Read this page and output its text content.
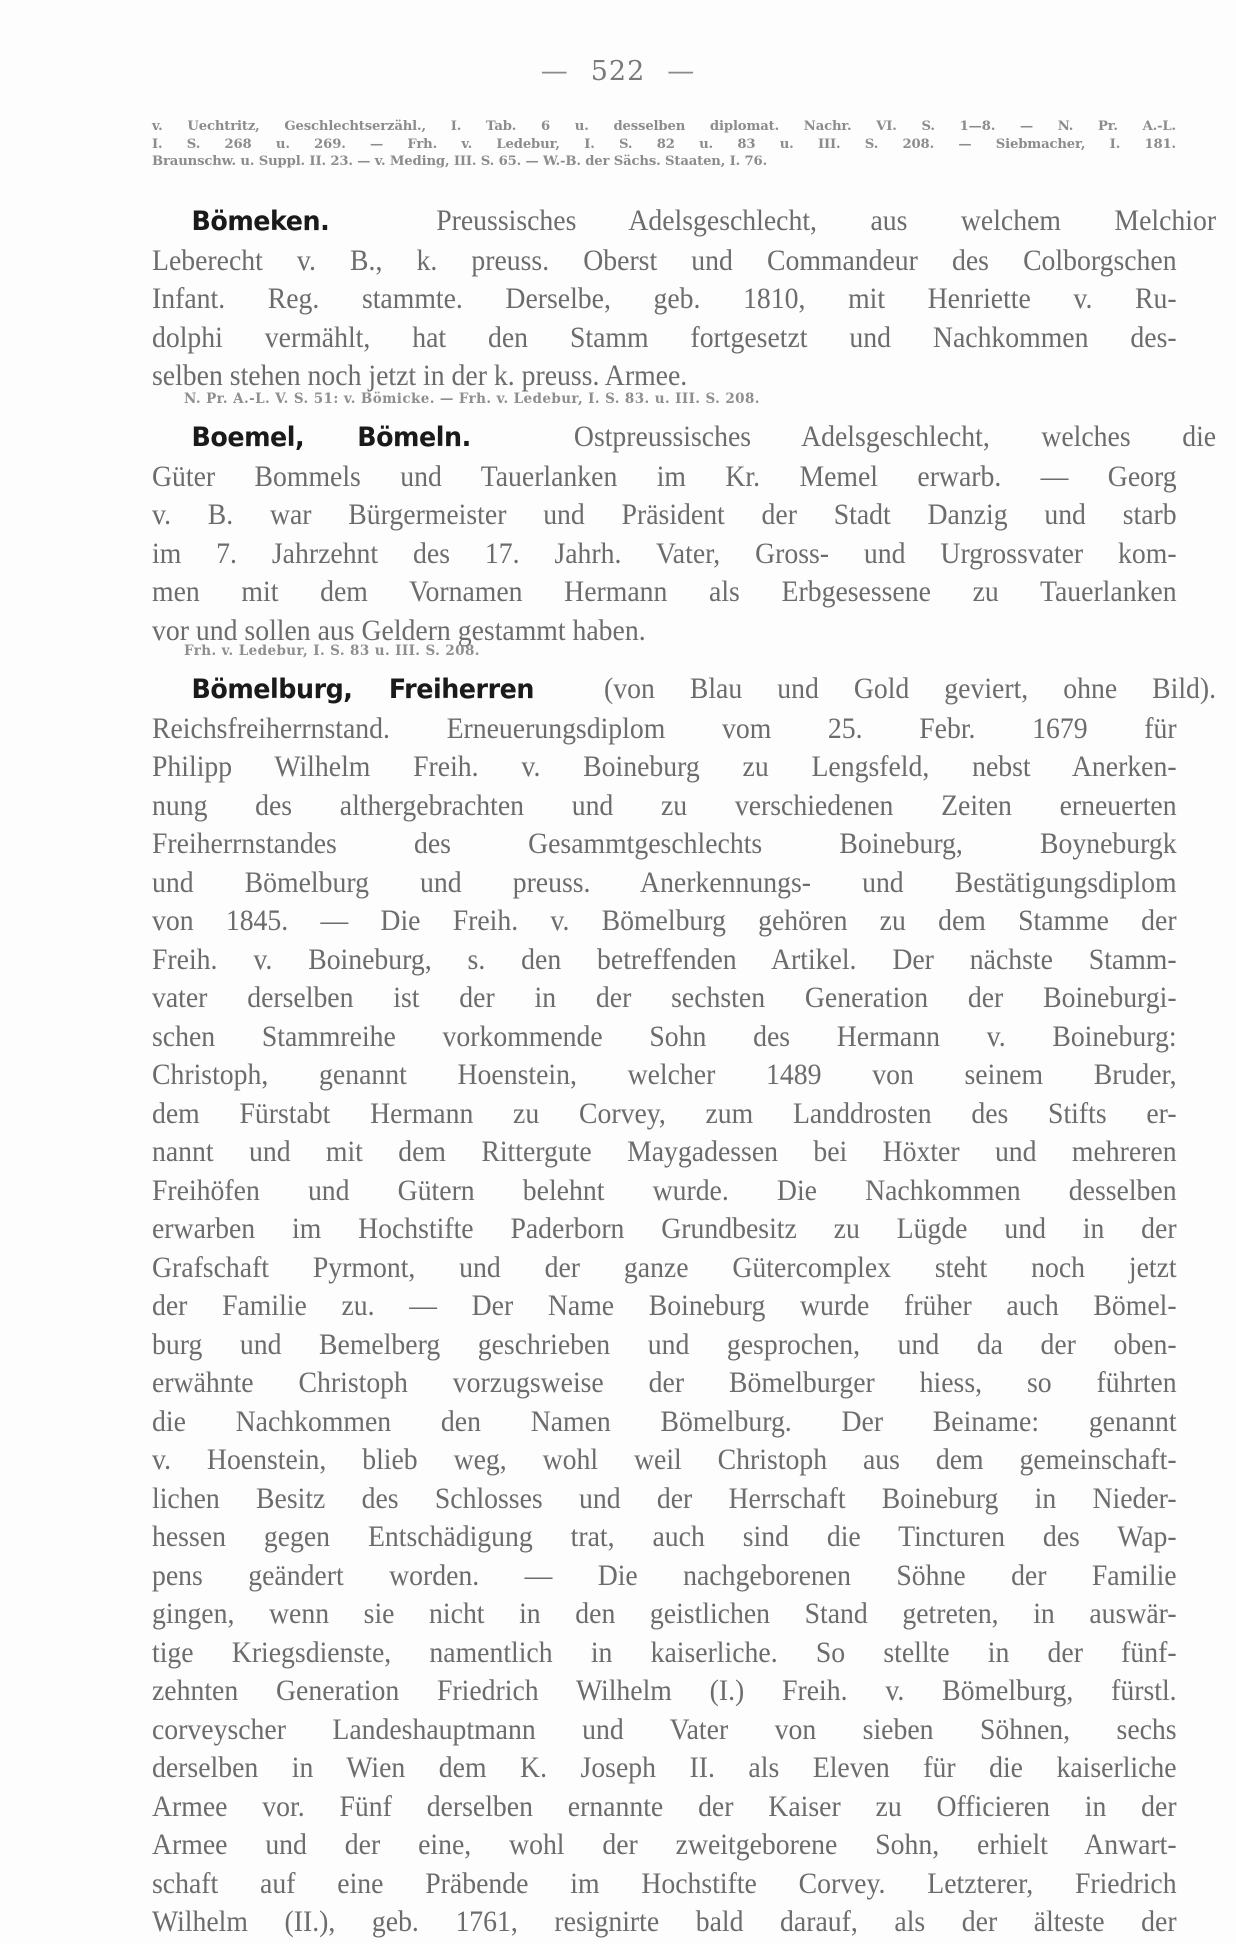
— 522 —
v. Uechtritz, Geschlechtserzähl., I. Tab. 6 u. desselben diplomat. Nachr. VI. S. 1—8. — N. Pr. A.-L.
I. S. 268 u. 269. — Frh. v. Ledebur, I. S. 82 u. 83 u. III. S. 208. — Siebmacher, I. 181.
Braunschw. u. Suppl. II. 23. — v. Meding, III. S. 65. — W.-B. der Sächs. Staaten, I. 76.
Bömeken.	Preussisches Adelsgeschlecht, aus welchem Melchior
Leberecht v. B., k. preuss. Oberst und Commandeur des Colborgschen
Infant. Reg. stammte. Derselbe, geb. 1810, mit Henriette v. Ru-
dolphi vermählt, hat den Stamm fortgesetzt und Nachkommen des-
selben stehen noch jetzt in der k. preuss. Armee.
N. Pr. A.-L. V. S. 51: v. Bömicke. — Frh. v. Ledebur, I. S. 83. u. III. S. 208.
Boemel, Bömeln.	Ostpreussisches Adelsgeschlecht, welches die
Güter Bommels und Tauerlanken im Kr. Memel erwarb. — Georg
v. B. war Bürgermeister und Präsident der Stadt Danzig und starb
im 7. Jahrzehnt des 17. Jahrh. Vater, Gross- und Urgrossvater kom-
men mit dem Vornamen Hermann als Erbgesessene zu Tauerlanken
vor und sollen aus Geldern gestammt haben.
Frh. v. Ledebur, I. S. 83 u. III. S. 208.
Bömelburg, Freiherren (von Blau und Gold geviert, ohne Bild).
Reichsfreiherrnstand. Erneuerungsdiplom vom 25. Febr. 1679 für
Philipp Wilhelm Freih. v. Boineburg zu Lengsfeld, nebst Anerken-
nung des althergebrachten und zu verschiedenen Zeiten erneuerten
Freiherrnstandes des Gesammtgeschlechts Boineburg, Boyneburgk
und Bömelburg und preuss. Anerkennungs- und Bestätigungsdiplom
von 1845. — Die Freih. v. Bömelburg gehören zu dem Stamme der
Freih. v. Boineburg, s. den betreffenden Artikel. Der nächste Stamm-
vater derselben ist der in der sechsten Generation der Boineburgi-
schen Stammreihe vorkommende Sohn des Hermann v. Boineburg:
Christoph, genannt Hoenstein, welcher 1489 von seinem Bruder,
dem Fürstabt Hermann zu Corvey, zum Landdrosten des Stifts er-
nannt und mit dem Rittergute Maygadessen bei Höxter und mehreren
Freihöfen und Gütern belehnt wurde. Die Nachkommen desselben
erwarben im Hochstifte Paderborn Grundbesitz zu Lügde und in der
Grafschaft Pyrmont, und der ganze Gütercomplex steht noch jetzt
der Familie zu. — Der Name Boineburg wurde früher auch Bömel-
burg und Bemelberg geschrieben und gesprochen, und da der oben-
erwähnte Christoph vorzugsweise der Bömelburger hiess, so führten
die Nachkommen den Namen Bömelburg. Der Beiname: genannt
v. Hoenstein, blieb weg, wohl weil Christoph aus dem gemeinschaft-
lichen Besitz des Schlosses und der Herrschaft Boineburg in Nieder-
hessen gegen Entschädigung trat, auch sind die Tincturen des Wap-
pens geändert worden. — Die nachgeborenen Söhne der Familie
gingen, wenn sie nicht in den geistlichen Stand getreten, in auswär-
tige Kriegsdienste, namentlich in kaiserliche. So stellte in der fünf-
zehnten Generation Friedrich Wilhelm (I.) Freih. v. Bömelburg, fürstl.
corveyscher Landeshauptmann und Vater von sieben Söhnen, sechs
derselben in Wien dem K. Joseph II. als Eleven für die kaiserliche
Armee vor. Fünf derselben ernannte der Kaiser zu Officieren in der
Armee und der eine, wohl der zweitgeborene Sohn, erhielt Anwart-
schaft auf eine Präbende im Hochstifte Corvey. Letzterer, Friedrich
Wilhelm (II.), geb. 1761, resignirte bald darauf, als der älteste der
